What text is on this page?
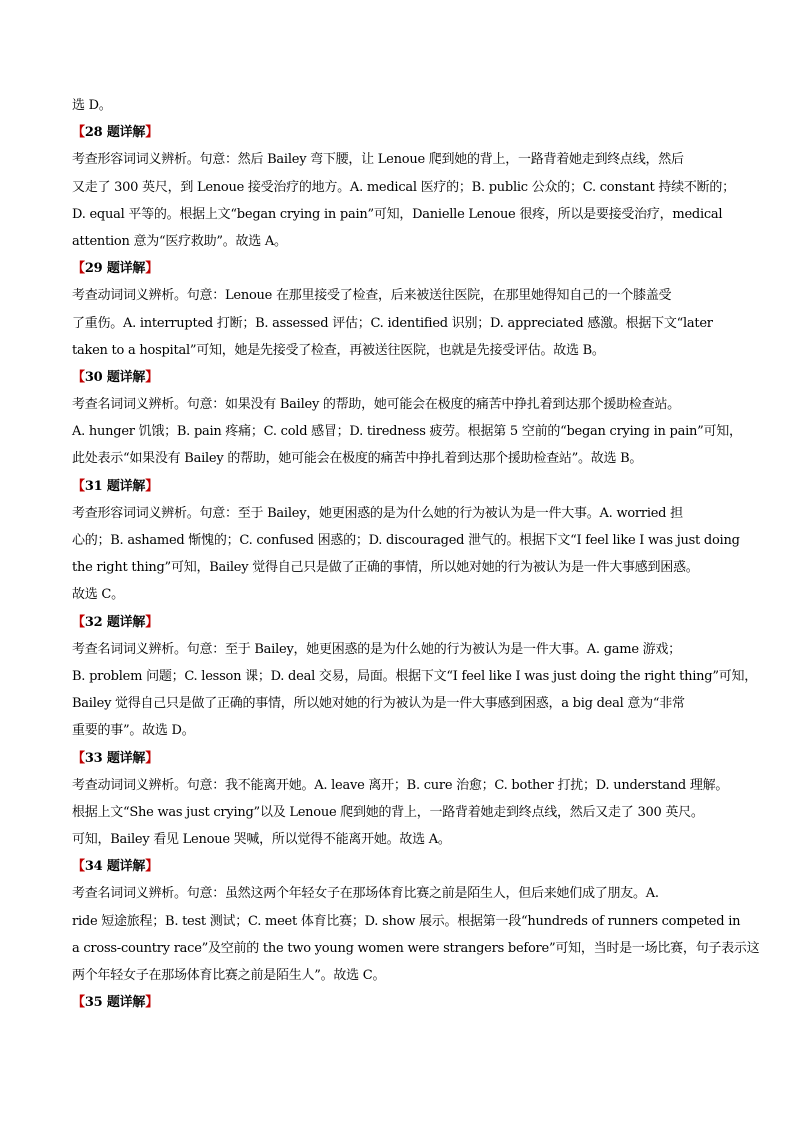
选 D。
【28 题详解】
考查形容词词义辨析。句意：然后 Bailey 弯下腰，让 Lenoue 爬到她的背上，一路背着她走到终点线，然后
又走了 300 英尺，到 Lenoue 接受治疗的地方。A. medical 医疗的；B. public 公众的；C. constant 持续不断的；
D. equal 平等的。根据上文“began crying in pain”可知，Danielle Lenoue 很疼，所以是要接受治疗，medical
attention 意为“医疗救助”。故选 A。
【29 题详解】
考查动词词义辨析。句意：Lenoue 在那里接受了检查，后来被送往医院，在那里她得知自己的一个膝盖受
了重伤。A. interrupted 打断；B. assessed 评估；C. identified 识别；D. appreciated 感激。根据下文“later
taken to a hospital”可知，她是先接受了检查，再被送往医院，也就是先接受评估。故选 B。
【30 题详解】
考查名词词义辨析。句意：如果没有 Bailey 的帮助，她可能会在极度的痛苦中挣扎着到达那个援助检查站。
A. hunger 饥饿；B. pain 疼痛；C. cold 感冒；D. tiredness 疲劳。根据第 5 空前的“began crying in pain”可知，
此处表示“如果没有 Bailey 的帮助，她可能会在极度的痛苦中挣扎着到达那个援助检查站”。故选 B。
【31 题详解】
考查形容词词义辨析。句意：至于 Bailey，她更困惑的是为什么她的行为被认为是一件大事。A. worried 担
心的；B. ashamed 惭愧的；C. confused 困惑的；D. discouraged 泄气的。根据下文“I feel like I was just doing
the right thing”可知，Bailey 觉得自己只是做了正确的事情，所以她对她的行为被认为是一件大事感到困惑。
故选 C。
【32 题详解】
考查名词词义辨析。句意：至于 Bailey，她更困惑的是为什么她的行为被认为是一件大事。A. game 游戏；
B. problem 问题；C. lesson 课；D. deal 交易，局面。根据下文“I feel like I was just doing the right thing”可知，
Bailey 觉得自己只是做了正确的事情，所以她对她的行为被认为是一件大事感到困惑，a big deal 意为“非常
重要的事”。故选 D。
【33 题详解】
考查动词词义辨析。句意：我不能离开她。A. leave 离开；B. cure 治愈；C. bother 打扰；D. understand 理解。
根据上文“She was just crying”以及 Lenoue 爬到她的背上，一路背着她走到终点线，然后又走了 300 英尺。
可知，Bailey 看见 Lenoue 哭喊，所以觉得不能离开她。故选 A。
【34 题详解】
考查名词词义辨析。句意：虽然这两个年轻女子在那场体育比赛之前是陌生人，但后来她们成了朋友。A.
ride 短途旅程；B. test 测试；C. meet 体育比赛；D. show 展示。根据第一段“hundreds of runners competed in
a cross-country race”及空前的 the two young women were strangers before”可知，当时是一场比赛，句子表示这
两个年轻女子在那场体育比赛之前是陌生人”。故选 C。
【35 题详解】
